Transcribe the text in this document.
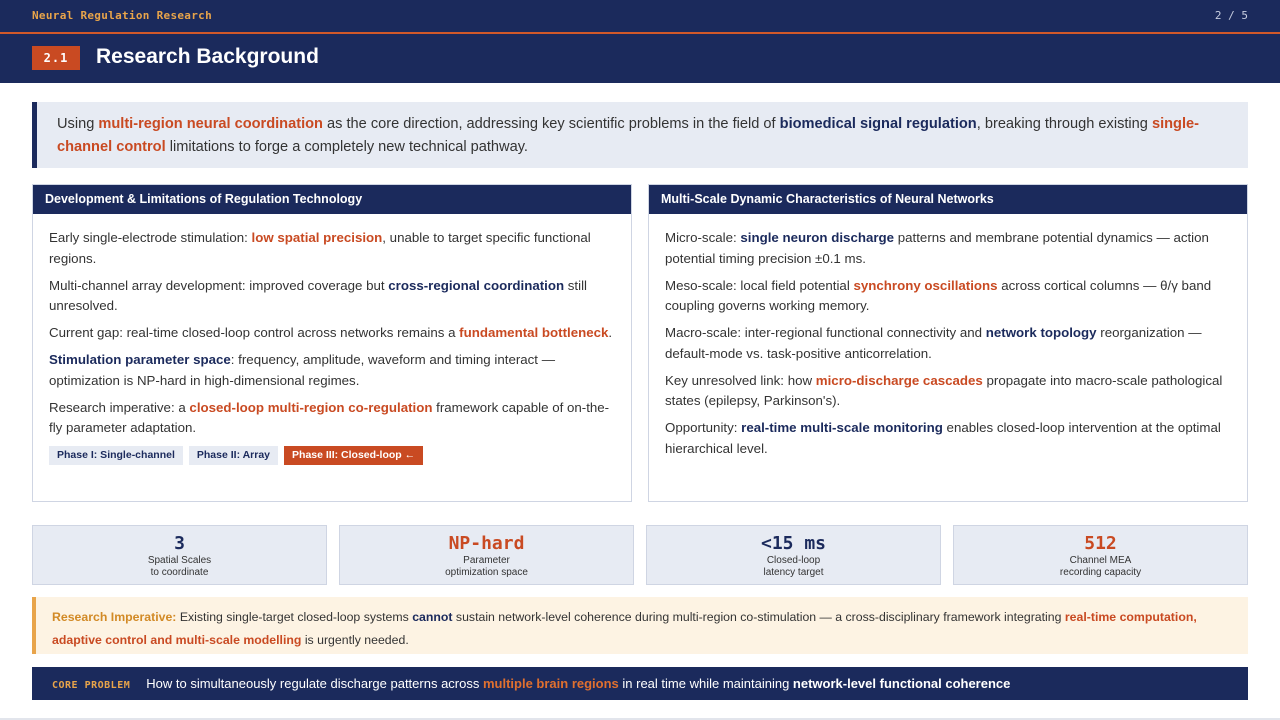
Neural Regulation Research	2 / 5
2.1	Research Background
Using multi-region neural coordination as the core direction, addressing key scientific problems in the field of biomedical signal regulation, breaking through existing single-channel control limitations to forge a completely new technical pathway.
Development & Limitations of Regulation Technology
Early single-electrode stimulation: low spatial precision, unable to target specific functional regions.
Multi-channel array development: improved coverage but cross-regional coordination still unresolved.
Current gap: real-time closed-loop control across networks remains a fundamental bottleneck.
Stimulation parameter space: frequency, amplitude, waveform and timing interact — optimization is NP-hard in high-dimensional regimes.
Research imperative: a closed-loop multi-region co-regulation framework capable of on-the-fly parameter adaptation.
Phase I: Single-channel Phase II: Array Phase III: Closed-loop ←
Multi-Scale Dynamic Characteristics of Neural Networks
Micro-scale: single neuron discharge patterns and membrane potential dynamics — action potential timing precision ±0.1 ms.
Meso-scale: local field potential synchrony oscillations across cortical columns — θ/γ band coupling governs working memory.
Macro-scale: inter-regional functional connectivity and network topology reorganization — default-mode vs. task-positive anticorrelation.
Key unresolved link: how micro-discharge cascades propagate into macro-scale pathological states (epilepsy, Parkinson's).
Opportunity: real-time multi-scale monitoring enables closed-loop intervention at the optimal hierarchical level.
3
Spatial Scales
to coordinate
NP-hard
Parameter
optimization space
<15 ms
Closed-loop
latency target
512
Channel MEA
recording capacity
Research Imperative: Existing single-target closed-loop systems cannot sustain network-level coherence during multi-region co-stimulation — a cross-disciplinary framework integrating real-time computation, adaptive control and multi-scale modelling is urgently needed.
CORE PROBLEM How to simultaneously regulate discharge patterns across multiple brain regions in real time while maintaining network-level functional coherence
